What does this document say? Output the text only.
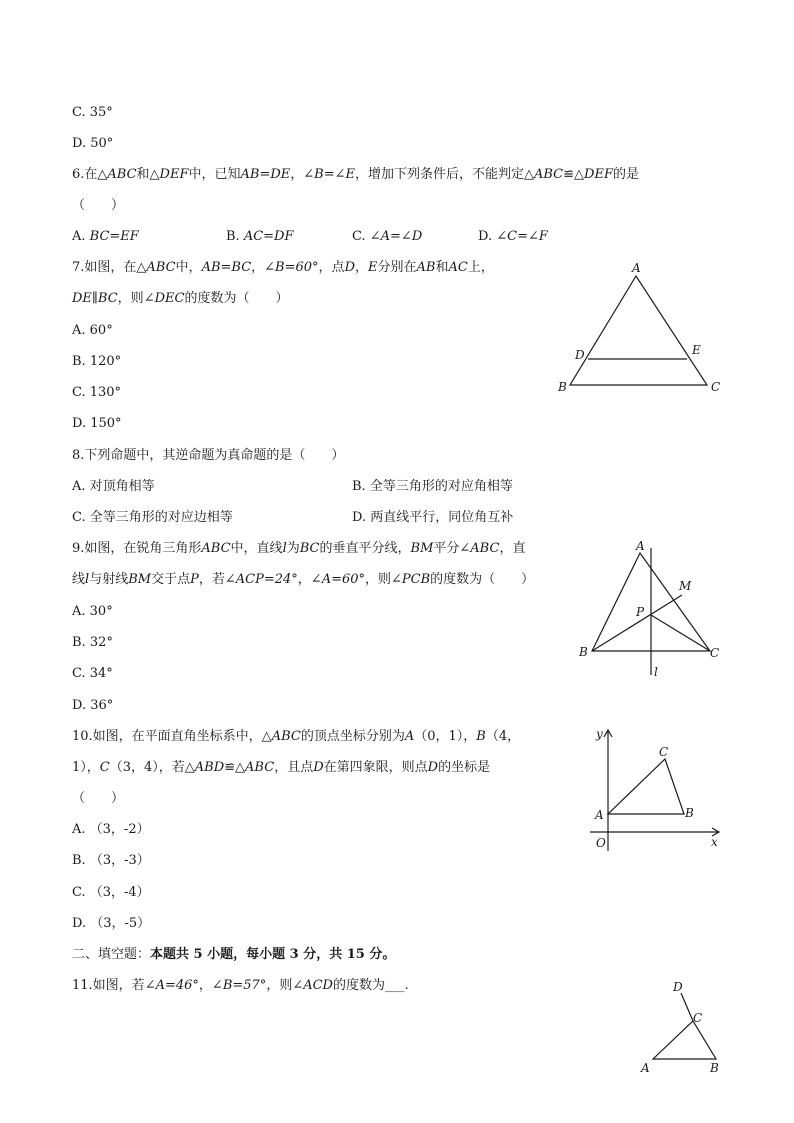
C. 35°
D. 50°
6.在△ABC和△DEF中，已知AB=DE，∠B=∠E，增加下列条件后，不能判定△ABC≌△DEF的是
（　　）
A. BC=EF	B. AC=DF	C. ∠A=∠D	D. ∠C=∠F
7.如图，在△ABC中，AB=BC，∠B=60°，点D，E分别在AB和AC上，
DE∥BC，则∠DEC的度数为（　　）
A. 60°
B. 120°
C. 130°
D. 150°
A
D	E
B	C
8.下列命题中，其逆命题为真命题的是（　　）
A. 对顶角相等	B. 全等三角形的对应角相等
C. 全等三角形的对应边相等	D. 两直线平行，同位角互补
9.如图，在锐角三角形ABC中，直线l为BC的垂直平分线，BM平分∠ABC，直
线l与射线BM交于点P，若∠ACP=24°，∠A=60°，则∠PCB的度数为（　　）
A. 30°
B. 32°
C. 34°
D. 36°
A
M
P
B	C
l
10.如图，在平面直角坐标系中，△ABC的顶点坐标分别为A（0，1），B（4，
1），C（3，4），若△ABD≌△ABC，且点D在第四象限，则点D的坐标是
（　　）
A. （3，-2）
B. （3，-3）
C. （3，-4）
D. （3，-5）
y
C
A	B
O	x
二、填空题：本题共 5 小题，每小题 3 分，共 15 分。
11.如图，若∠A=46°，∠B=57°，则∠ACD的度数为___.	D
C
A	B
